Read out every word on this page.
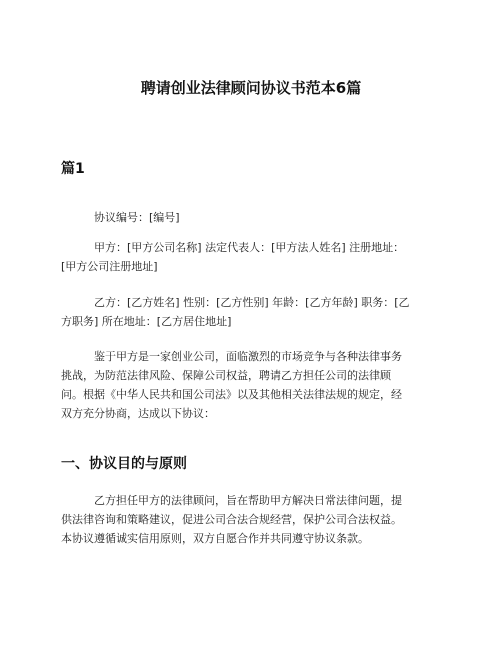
聘请创业法律顾问协议书范本6篇
篇1
协议编号：[编号]
甲方：[甲方公司名称] 法定代表人：[甲方法人姓名] 注册地址：
[甲方公司注册地址]
乙方：[乙方姓名] 性别：[乙方性别] 年龄：[乙方年龄] 职务：[乙
方职务] 所在地址：[乙方居住地址]
鉴于甲方是一家创业公司，面临激烈的市场竞争与各种法律事务
挑战，为防范法律风险、保障公司权益，聘请乙方担任公司的法律顾
问。根据《中华人民共和国公司法》以及其他相关法律法规的规定，经
双方充分协商，达成以下协议：
一、协议目的与原则
乙方担任甲方的法律顾问，旨在帮助甲方解决日常法律问题，提
供法律咨询和策略建议，促进公司合法合规经营，保护公司合法权益。
本协议遵循诚实信用原则，双方自愿合作并共同遵守协议条款。
